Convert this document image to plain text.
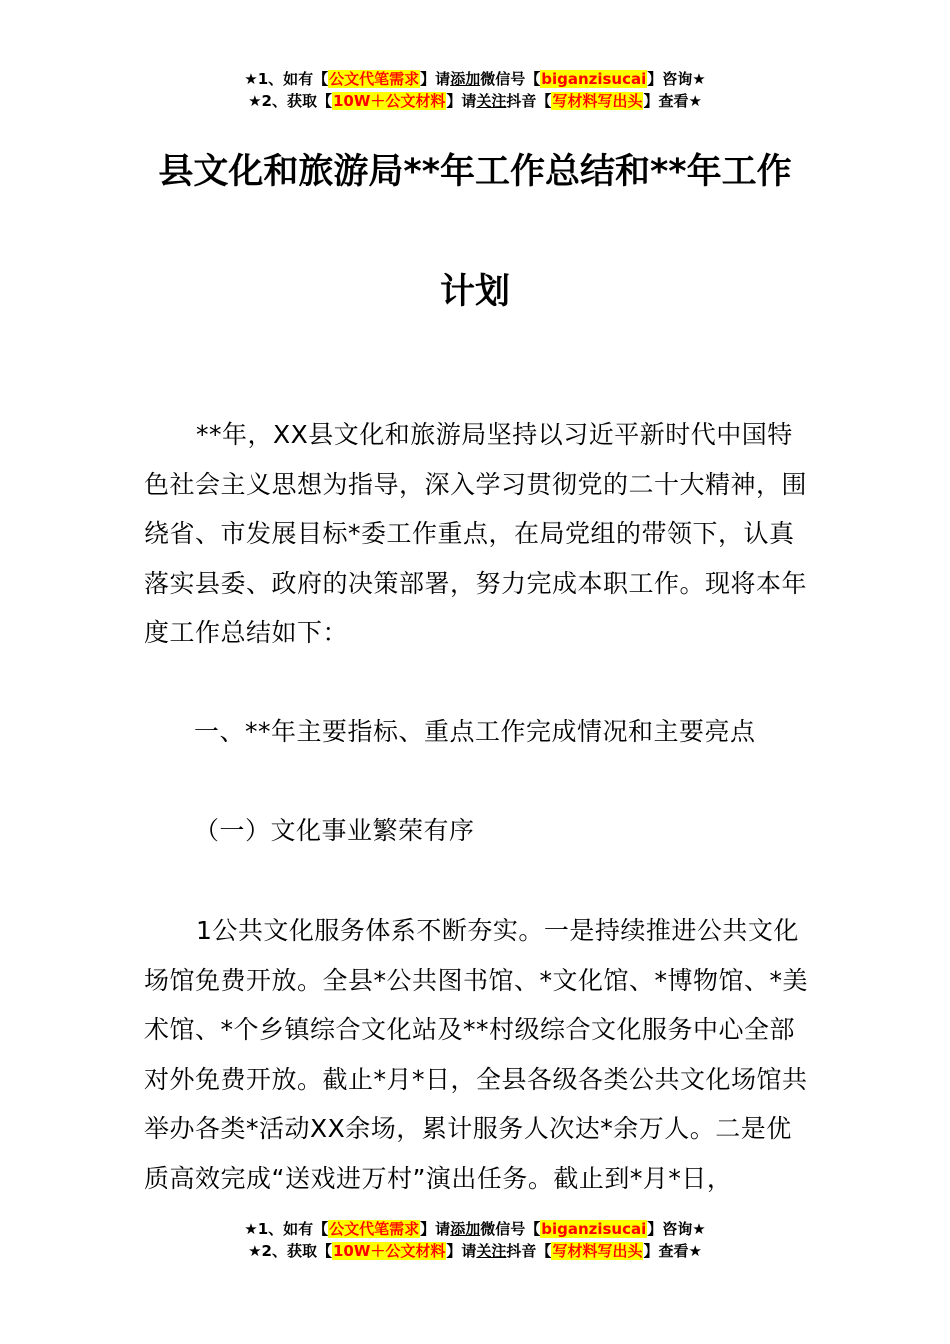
★1、如有【公文代笔需求】请添加微信号【biganzisucai】咨询★
★2、获取【10W＋公文材料】请关注抖音【写材料写出头】查看★
县文化和旅游局**年工作总结和**年工作
计划
**年，XX县文化和旅游局坚持以习近平新时代中国特色社会主义思想为指导，深入学习贯彻党的二十大精神，围绕省、市发展目标*委工作重点，在局党组的带领下，认真落实县委、政府的决策部署，努力完成本职工作。现将本年度工作总结如下：
一、**年主要指标、重点工作完成情况和主要亮点
（一）文化事业繁荣有序
1公共文化服务体系不断夯实。一是持续推进公共文化场馆免费开放。全县*公共图书馆、*文化馆、*博物馆、*美术馆、*个乡镇综合文化站及**村级综合文化服务中心全部对外免费开放。截止*月*日，全县各级各类公共文化场馆共举办各类*活动XX余场，累计服务人次达*余万人。二是优质高效完成“送戏进万村”演出任务。截止到*月*日，
★1、如有【公文代笔需求】请添加微信号【biganzisucai】咨询★
★2、获取【10W＋公文材料】请关注抖音【写材料写出头】查看★
